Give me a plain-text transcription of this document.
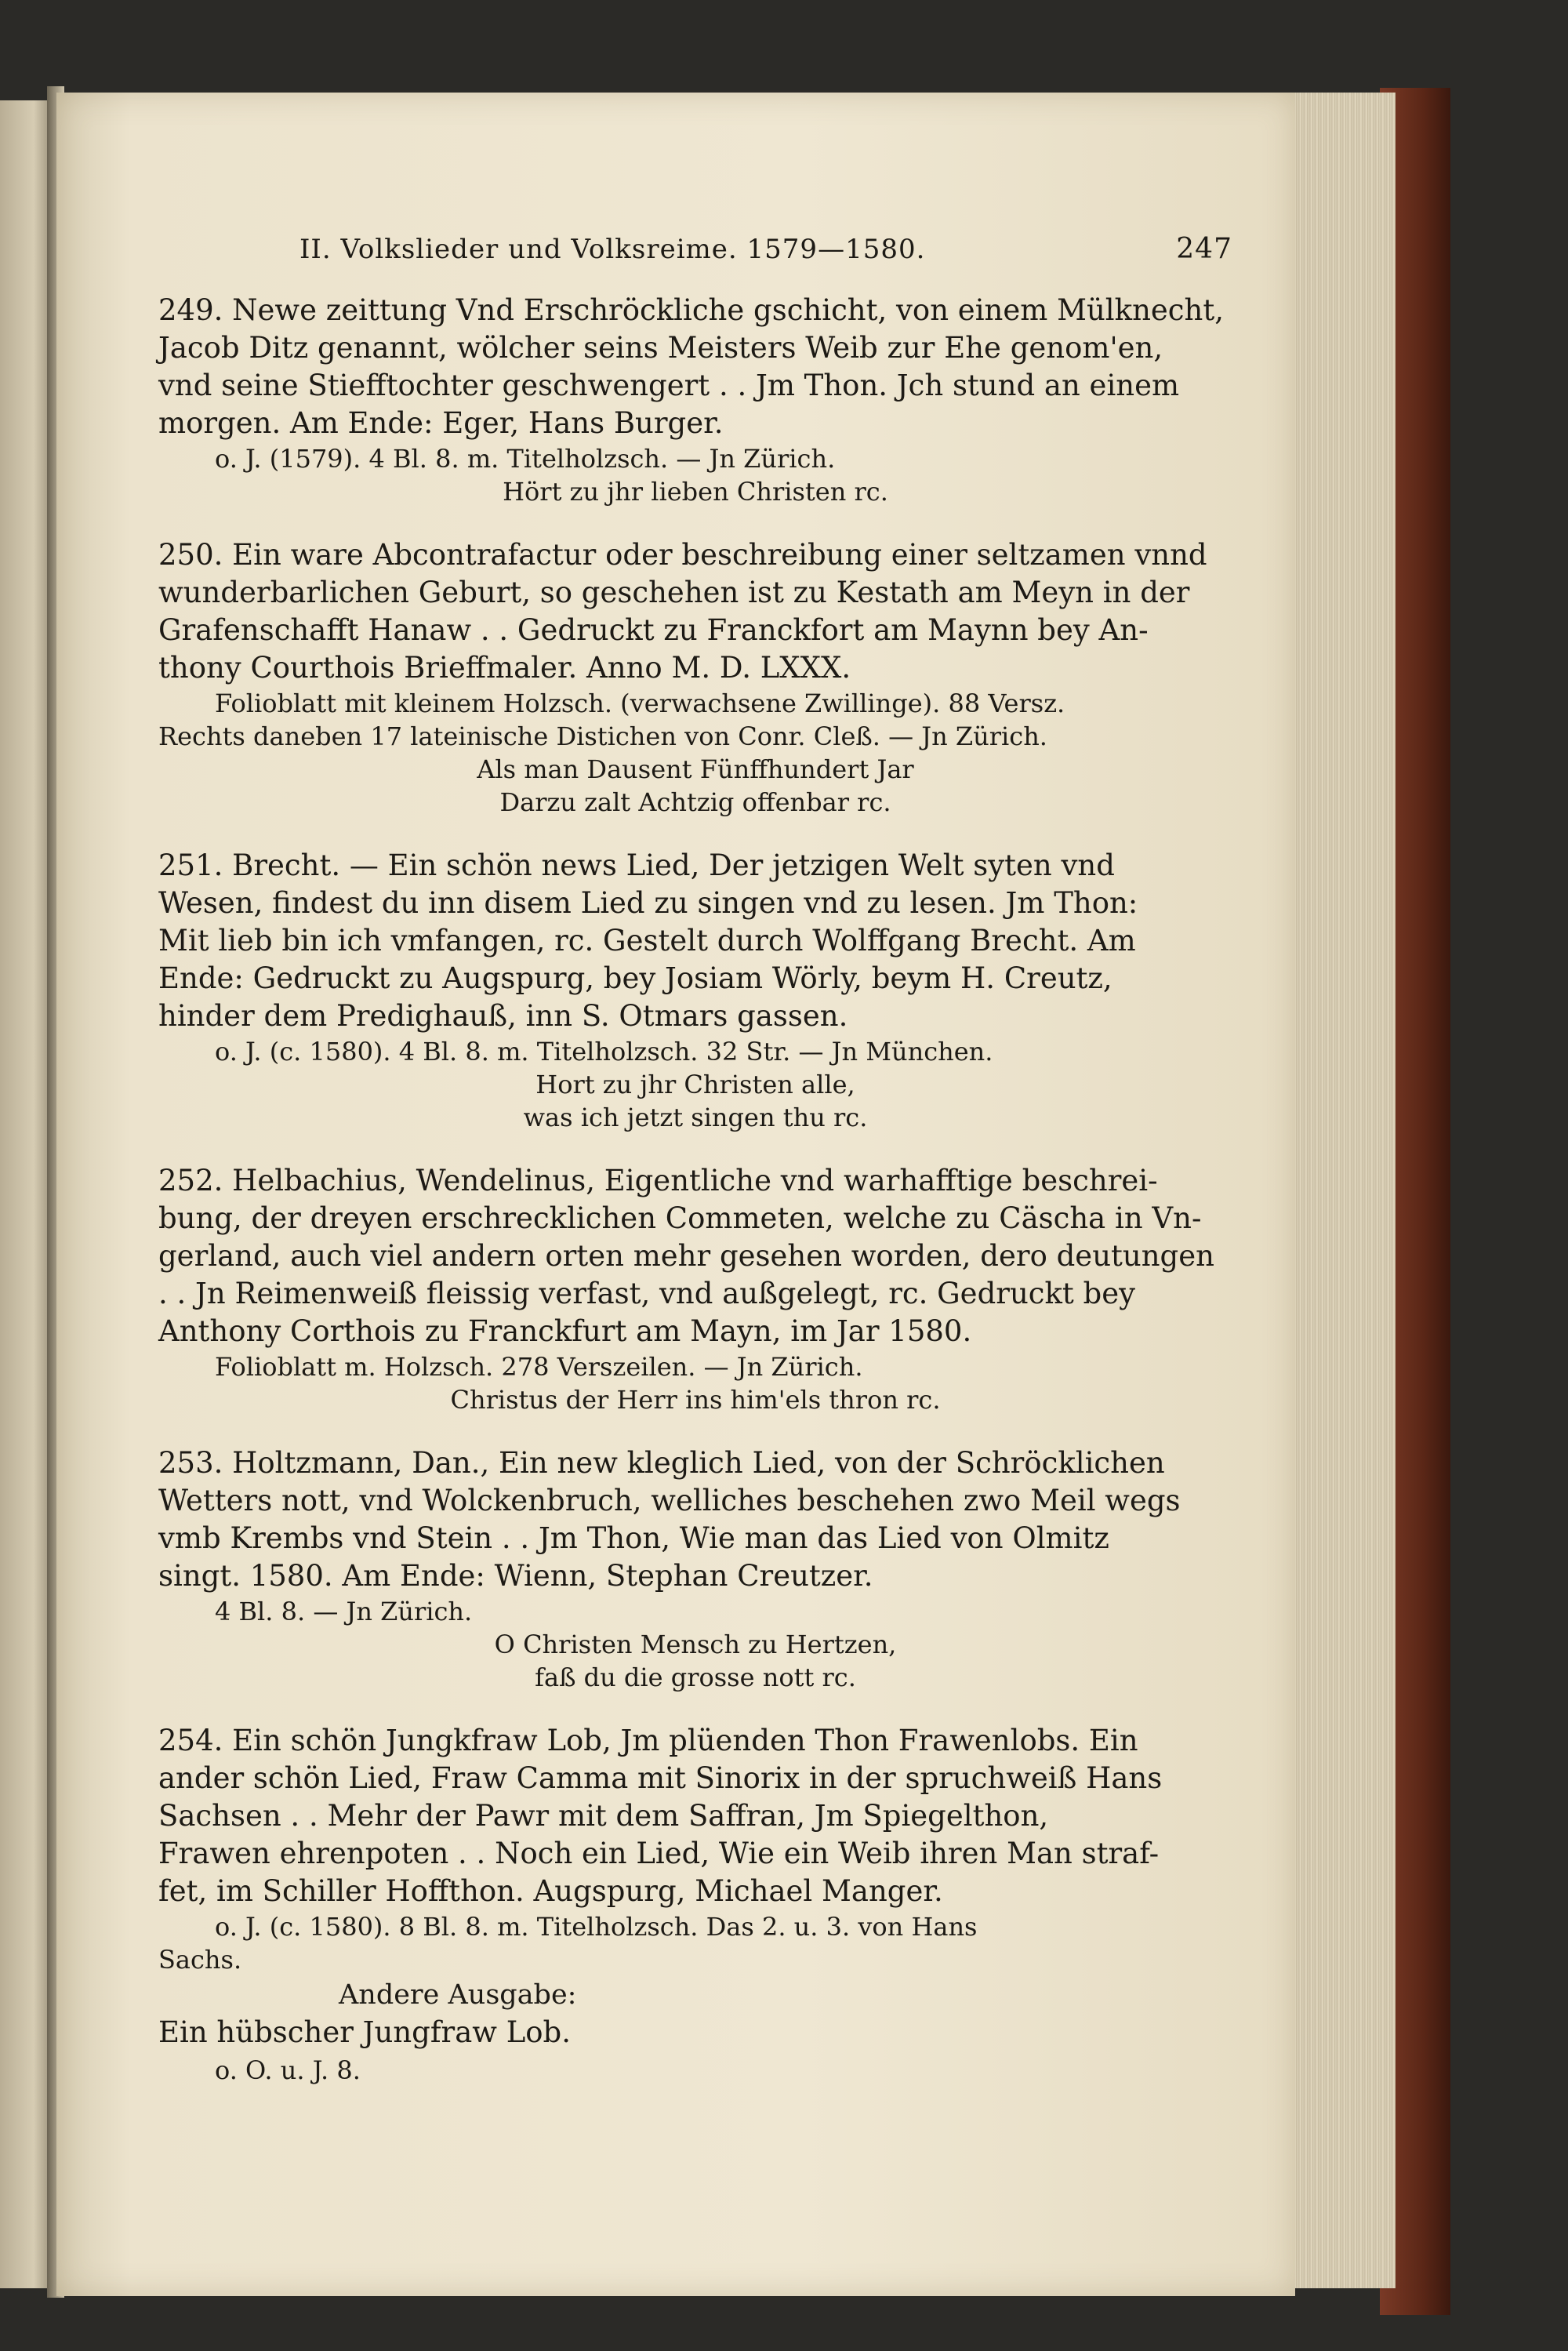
II. Volkslieder und Volksreime. 1579—1580.	247

249. Newe zeittung Vnd Erschröckliche gschicht, von einem Mülknecht,

Jacob Ditz genannt, wölcher seins Meisters Weib zur Ehe genom'en,

vnd seine Stiefftochter geschwengert . . Jm Thon. Jch stund an einem

morgen. Am Ende: Eger, Hans Burger.

o. J. (1579). 4 Bl. 8. m. Titelholzsch. — Jn Zürich.

Hört zu jhr lieben Christen rc.

250. Ein ware Abcontrafactur oder beschreibung einer seltzamen vnnd

wunderbarlichen Geburt, so geschehen ist zu Kestath am Meyn in der

Grafenschafft Hanaw . . Gedruckt zu Franckfort am Maynn bey An-

thony Courthois Brieffmaler. Anno M. D. LXXX.

Folioblatt mit kleinem Holzsch. (verwachsene Zwillinge). 88 Versz.

Rechts daneben 17 lateinische Distichen von Conr. Cleß. — Jn Zürich.

Als man Dausent Fünffhundert Jar

Darzu zalt Achtzig offenbar rc.

251. Brecht. — Ein schön news Lied, Der jetzigen Welt syten vnd

Wesen, findest du inn disem Lied zu singen vnd zu lesen. Jm Thon:

Mit lieb bin ich vmfangen, rc. Gestelt durch Wolffgang Brecht. Am

Ende: Gedruckt zu Augspurg, bey Josiam Wörly, beym H. Creutz,

hinder dem Predighauß, inn S. Otmars gassen.

o. J. (c. 1580). 4 Bl. 8. m. Titelholzsch. 32 Str. — Jn München.

Hort zu jhr Christen alle,

was ich jetzt singen thu rc.

252. Helbachius, Wendelinus, Eigentliche vnd warhafftige beschrei-

bung, der dreyen erschrecklichen Commeten, welche zu Cäscha in Vn-

gerland, auch viel andern orten mehr gesehen worden, dero deutungen

. . Jn Reimenweiß fleissig verfast, vnd außgelegt, rc. Gedruckt bey

Anthony Corthois zu Franckfurt am Mayn, im Jar 1580.

Folioblatt m. Holzsch. 278 Verszeilen. — Jn Zürich.

Christus der Herr ins him'els thron rc.

253. Holtzmann, Dan., Ein new kleglich Lied, von der Schröcklichen

Wetters nott, vnd Wolckenbruch, welliches beschehen zwo Meil wegs

vmb Krembs vnd Stein . . Jm Thon, Wie man das Lied von Olmitz

singt. 1580. Am Ende: Wienn, Stephan Creutzer.

4 Bl. 8. — Jn Zürich.

O Christen Mensch zu Hertzen,

faß du die grosse nott rc.

254. Ein schön Jungkfraw Lob, Jm plüenden Thon Frawenlobs. Ein

ander schön Lied, Fraw Camma mit Sinorix in der spruchweiß Hans

Sachsen . . Mehr der Pawr mit dem Saffran, Jm Spiegelthon,

Frawen ehrenpoten . . Noch ein Lied, Wie ein Weib ihren Man straf-

fet, im Schiller Hoffthon. Augspurg, Michael Manger.

o. J. (c. 1580). 8 Bl. 8. m. Titelholzsch. Das 2. u. 3. von Hans

Sachs.

Andere Ausgabe:

Ein hübscher Jungfraw Lob.

o. O. u. J. 8.
